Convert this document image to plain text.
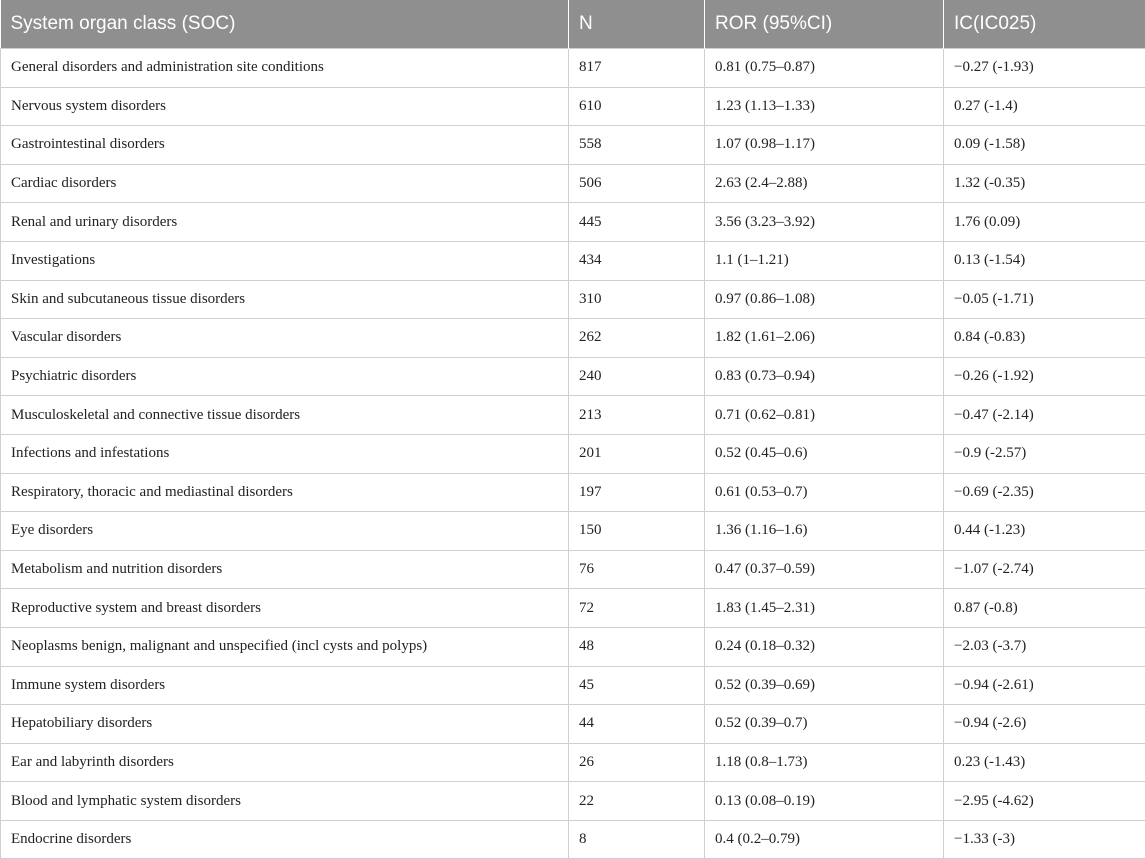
System organ class (SOC)	N	ROR (95%CI)	IC(IC025)
General disorders and administration site conditions	817	0.81 (0.75–0.87)	−0.27 (-1.93)
Nervous system disorders	610	1.23 (1.13–1.33)	0.27 (-1.4)
Gastrointestinal disorders	558	1.07 (0.98–1.17)	0.09 (-1.58)
Cardiac disorders	506	2.63 (2.4–2.88)	1.32 (-0.35)
Renal and urinary disorders	445	3.56 (3.23–3.92)	1.76 (0.09)
Investigations	434	1.1 (1–1.21)	0.13 (-1.54)
Skin and subcutaneous tissue disorders	310	0.97 (0.86–1.08)	−0.05 (-1.71)
Vascular disorders	262	1.82 (1.61–2.06)	0.84 (-0.83)
Psychiatric disorders	240	0.83 (0.73–0.94)	−0.26 (-1.92)
Musculoskeletal and connective tissue disorders	213	0.71 (0.62–0.81)	−0.47 (-2.14)
Infections and infestations	201	0.52 (0.45–0.6)	−0.9 (-2.57)
Respiratory, thoracic and mediastinal disorders	197	0.61 (0.53–0.7)	−0.69 (-2.35)
Eye disorders	150	1.36 (1.16–1.6)	0.44 (-1.23)
Metabolism and nutrition disorders	76	0.47 (0.37–0.59)	−1.07 (-2.74)
Reproductive system and breast disorders	72	1.83 (1.45–2.31)	0.87 (-0.8)
Neoplasms benign, malignant and unspecified (incl cysts and polyps)	48	0.24 (0.18–0.32)	−2.03 (-3.7)
Immune system disorders	45	0.52 (0.39–0.69)	−0.94 (-2.61)
Hepatobiliary disorders	44	0.52 (0.39–0.7)	−0.94 (-2.6)
Ear and labyrinth disorders	26	1.18 (0.8–1.73)	0.23 (-1.43)
Blood and lymphatic system disorders	22	0.13 (0.08–0.19)	−2.95 (-4.62)
Endocrine disorders	8	0.4 (0.2–0.79)	−1.33 (-3)
